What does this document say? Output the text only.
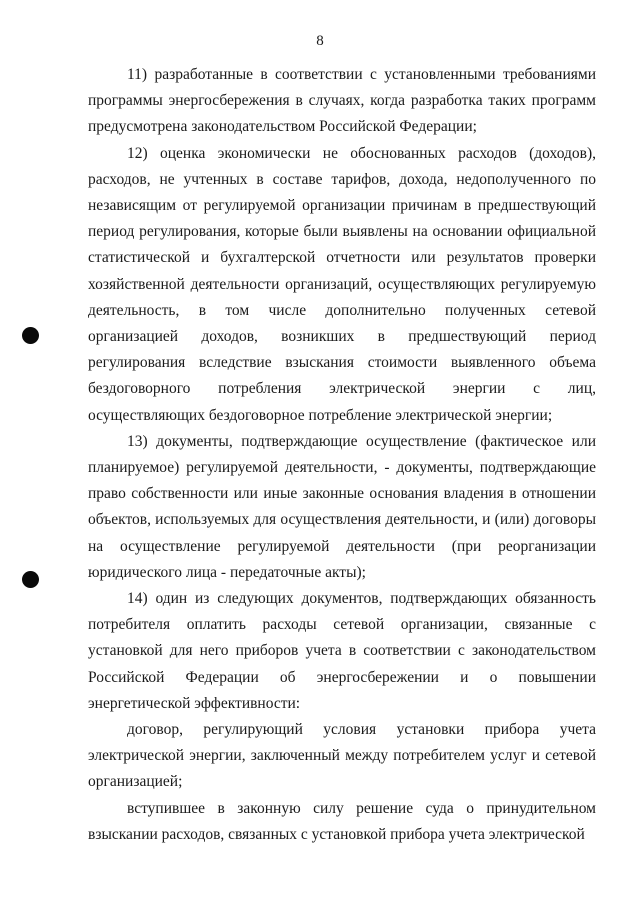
8

11) разработанные в соответствии с установленными требованиями программы энергосбережения в случаях, когда разработка таких программ предусмотрена законодательством Российской Федерации;

12) оценка экономически не обоснованных расходов (доходов), расходов, не учтенных в составе тарифов, дохода, недополученного по независящим от регулируемой организации причинам в предшествующий период регулирования, которые были выявлены на основании официальной статистической и бухгалтерской отчетности или результатов проверки хозяйственной деятельности организаций, осуществляющих регулируемую деятельность, в том числе дополнительно полученных сетевой организацией доходов, возникших в предшествующий период регулирования вследствие взыскания стоимости выявленного объема бездоговорного потребления электрической энергии с лиц, осуществляющих бездоговорное потребление электрической энергии;

13) документы, подтверждающие осуществление (фактическое или планируемое) регулируемой деятельности, - документы, подтверждающие право собственности или иные законные основания владения в отношении объектов, используемых для осуществления деятельности, и (или) договоры на осуществление регулируемой деятельности (при реорганизации юридического лица - передаточные акты);

14) один из следующих документов, подтверждающих обязанность потребителя оплатить расходы сетевой организации, связанные с установкой для него приборов учета в соответствии с законодательством Российской Федерации об энергосбережении и о повышении энергетической эффективности:

договор, регулирующий условия установки прибора учета электрической энергии, заключенный между потребителем услуг и сетевой организацией;

вступившее в законную силу решение суда о принудительном взыскании расходов, связанных с установкой прибора учета электрической
